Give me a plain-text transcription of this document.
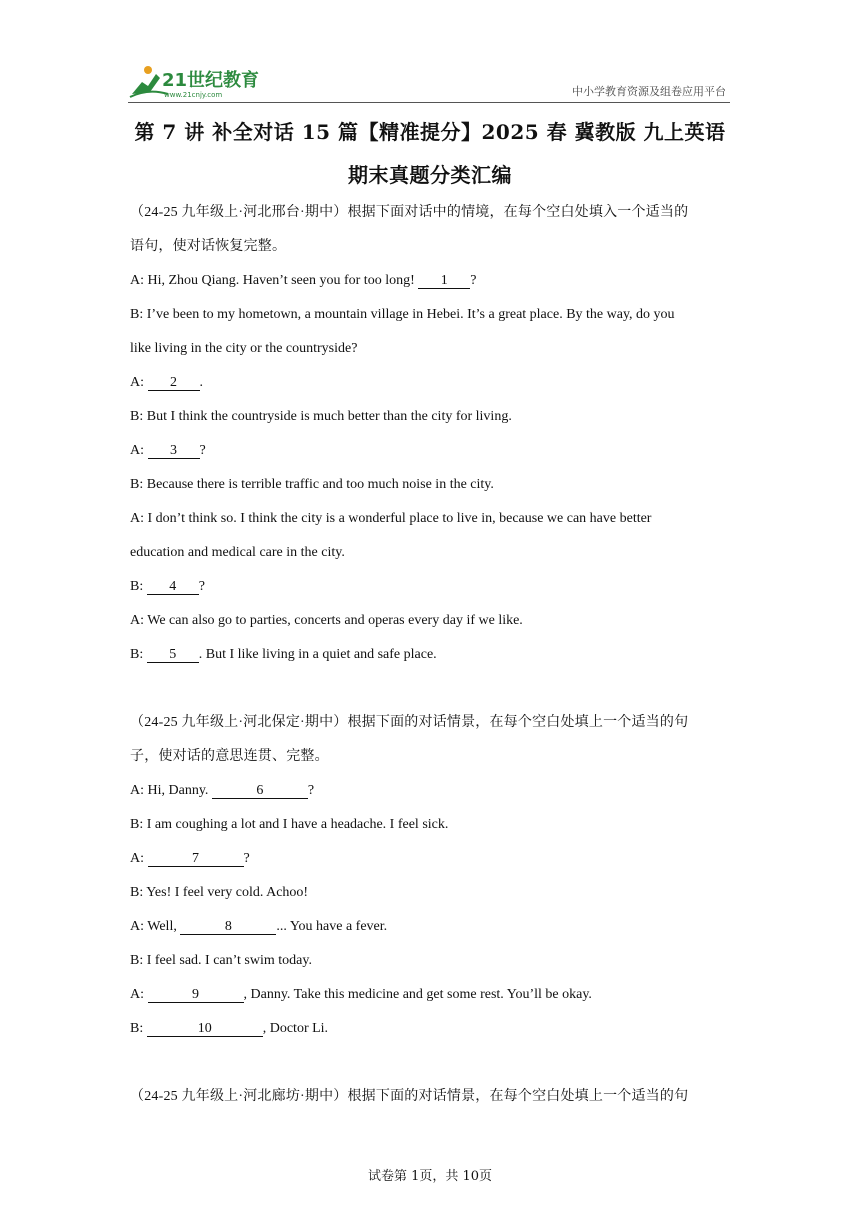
21世纪教育
www.21cnjy.com	中小学教育资源及组卷应用平台
第 7 讲 补全对话 15 篇【精准提分】2025 春 冀教版 九上英语
期末真题分类汇编
（24-25 九年级上·河北邢台·期中）根据下面对话中的情境，在每个空白处填入一个适当的
语句，使对话恢复完整。
A: Hi, Zhou Qiang. Haven’t seen you for too long! 1 ?
B: I’ve been to my hometown, a mountain village in Hebei. It’s a great place. By the way, do you
like living in the city or the countryside?
A: 2 .
B: But I think the countryside is much better than the city for living.
A: 3 ?
B: Because there is terrible traffic and too much noise in the city.
A: I don’t think so. I think the city is a wonderful place to live in, because we can have better
education and medical care in the city.
B: 4 ?
A: We can also go to parties, concerts and operas every day if we like.
B: 5 . But I like living in a quiet and safe place.
（24-25 九年级上·河北保定·期中）根据下面的对话情景，在每个空白处填上一个适当的句
子，使对话的意思连贯、完整。
A: Hi, Danny.	6	?
B: I am coughing a lot and I have a headache. I feel sick.
A:	7	?
B: Yes! I feel very cold. Achoo!
A: Well,	8	... You have a fever.
B: I feel sad. I can’t swim today.
A:	9	, Danny. Take this medicine and get some rest. You’ll be okay.
B:	10	, Doctor Li.
（24-25 九年级上·河北廊坊·期中）根据下面的对话情景，在每个空白处填上一个适当的句
试卷第 1页，共 10页
